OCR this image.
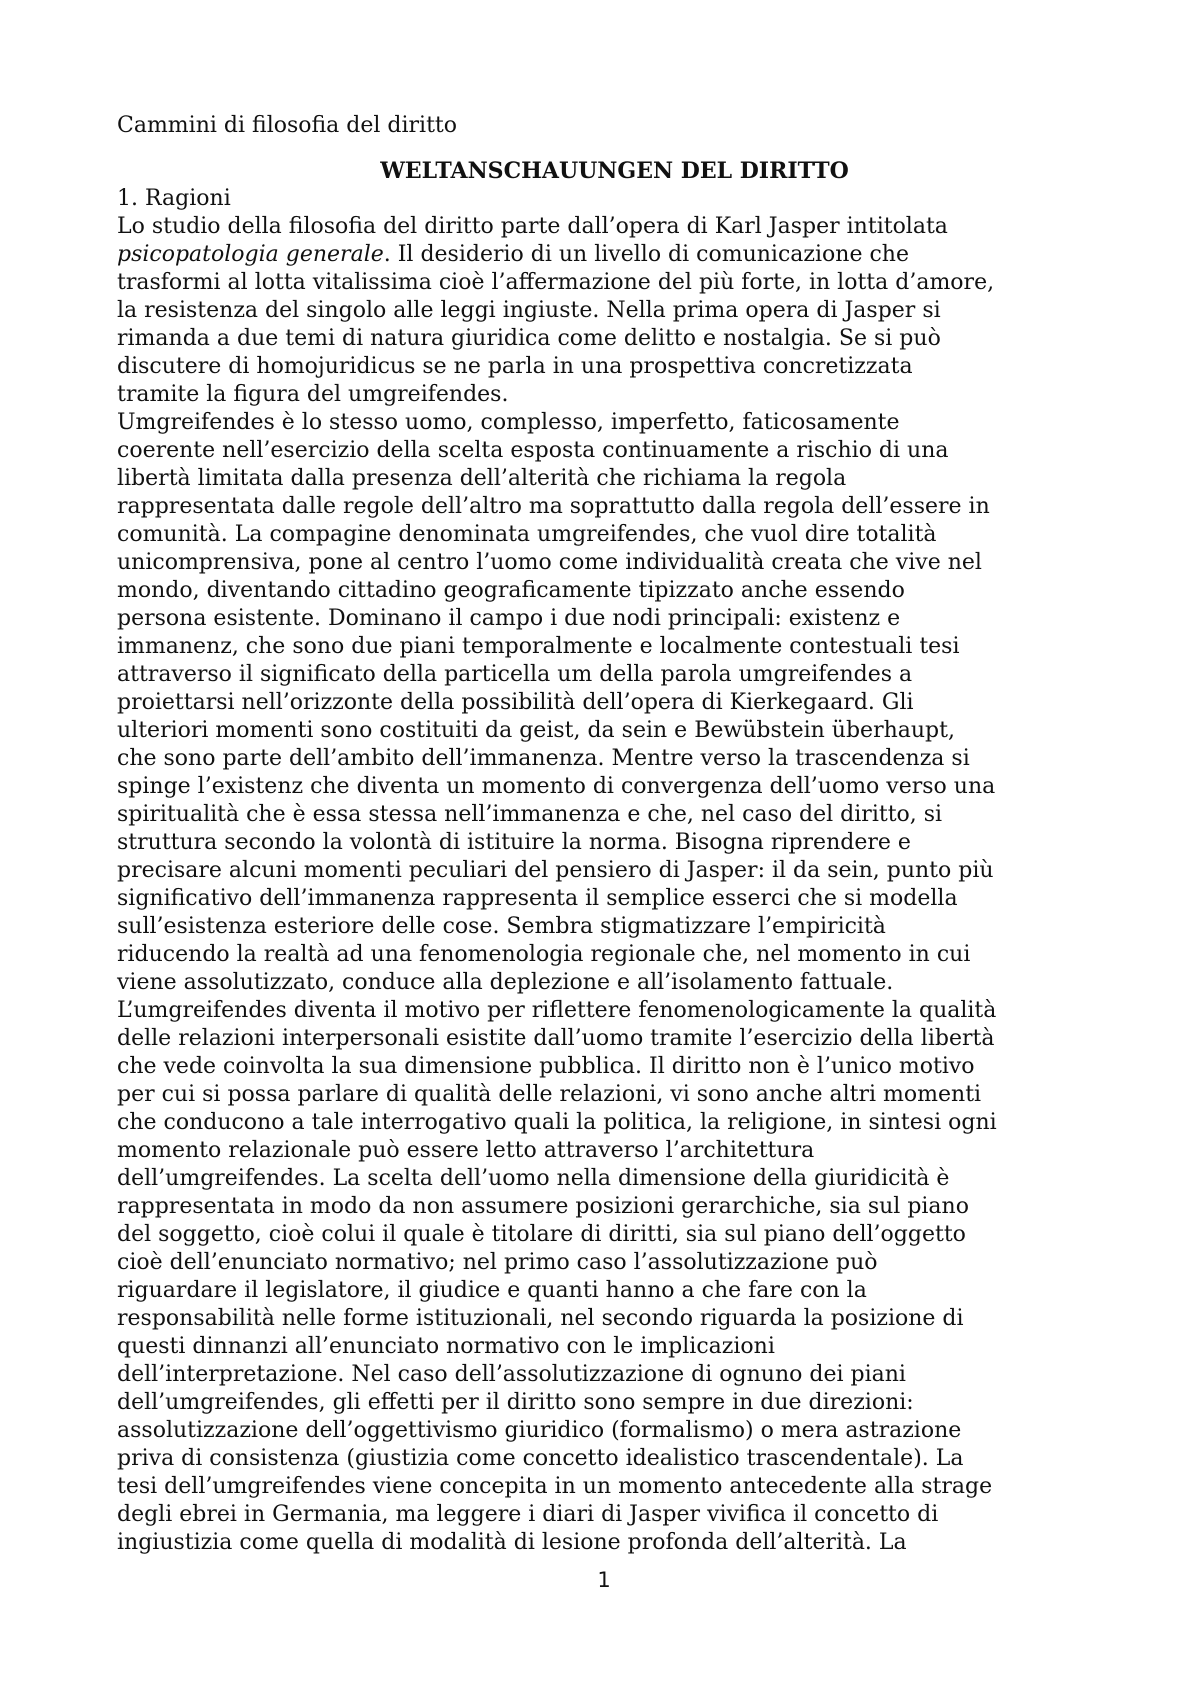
Cammini di filosofia del diritto

WELTANSCHAUUNGEN DEL DIRITTO

1. Ragioni
Lo studio della filosofia del diritto parte dall’opera di Karl Jasper intitolata
psicopatologia generale. Il desiderio di un livello di comunicazione che
trasformi al lotta vitalissima cioè l’affermazione del più forte, in lotta d’amore,
la resistenza del singolo alle leggi ingiuste. Nella prima opera di Jasper si
rimanda a due temi di natura giuridica come delitto e nostalgia. Se si può
discutere di homojuridicus se ne parla in una prospettiva concretizzata
tramite la figura del umgreifendes.
Umgreifendes è lo stesso uomo, complesso, imperfetto, faticosamente
coerente nell’esercizio della scelta esposta continuamente a rischio di una
libertà limitata dalla presenza dell’alterità che richiama la regola
rappresentata dalle regole dell’altro ma soprattutto dalla regola dell’essere in
comunità. La compagine denominata umgreifendes, che vuol dire totalità
unicomprensiva, pone al centro l’uomo come individualità creata che vive nel
mondo, diventando cittadino geograficamente tipizzato anche essendo
persona esistente. Dominano il campo i due nodi principali: existenz e
immanenz, che sono due piani temporalmente e localmente contestuali tesi
attraverso il significato della particella um della parola umgreifendes a
proiettarsi nell’orizzonte della possibilità dell’opera di Kierkegaard. Gli
ulteriori momenti sono costituiti da geist, da sein e Bewübstein überhaupt,
che sono parte dell’ambito dell’immanenza. Mentre verso la trascendenza si
spinge l’existenz che diventa un momento di convergenza dell’uomo verso una
spiritualità che è essa stessa nell’immanenza e che, nel caso del diritto, si
struttura secondo la volontà di istituire la norma. Bisogna riprendere e
precisare alcuni momenti peculiari del pensiero di Jasper: il da sein, punto più
significativo dell’immanenza rappresenta il semplice esserci che si modella
sull’esistenza esteriore delle cose. Sembra stigmatizzare l’empiricità
riducendo la realtà ad una fenomenologia regionale che, nel momento in cui
viene assolutizzato, conduce alla deplezione e all’isolamento fattuale.
L’umgreifendes diventa il motivo per riflettere fenomenologicamente la qualità
delle relazioni interpersonali esistite dall’uomo tramite l’esercizio della libertà
che vede coinvolta la sua dimensione pubblica. Il diritto non è l’unico motivo
per cui si possa parlare di qualità delle relazioni, vi sono anche altri momenti
che conducono a tale interrogativo quali la politica, la religione, in sintesi ogni
momento relazionale può essere letto attraverso l’architettura
dell’umgreifendes. La scelta dell’uomo nella dimensione della giuridicità è
rappresentata in modo da non assumere posizioni gerarchiche, sia sul piano
del soggetto, cioè colui il quale è titolare di diritti, sia sul piano dell’oggetto
cioè dell’enunciato normativo; nel primo caso l’assolutizzazione può
riguardare il legislatore, il giudice e quanti hanno a che fare con la
responsabilità nelle forme istituzionali, nel secondo riguarda la posizione di
questi dinnanzi all’enunciato normativo con le implicazioni
dell’interpretazione. Nel caso dell’assolutizzazione di ognuno dei piani
dell’umgreifendes, gli effetti per il diritto sono sempre in due direzioni:
assolutizzazione dell’oggettivismo giuridico (formalismo) o mera astrazione
priva di consistenza (giustizia come concetto idealistico trascendentale). La
tesi dell’umgreifendes viene concepita in un momento antecedente alla strage
degli ebrei in Germania, ma leggere i diari di Jasper vivifica il concetto di
ingiustizia come quella di modalità di lesione profonda dell’alterità. La
1
